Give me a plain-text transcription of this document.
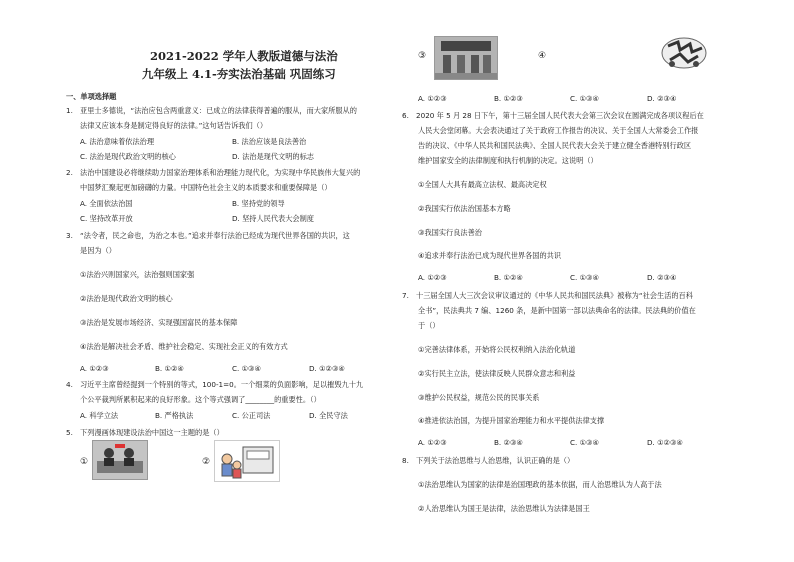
2021-2022 学年人教版道德与法治
九年级上 4.1-夯实法治基础 巩固练习
一、单项选择题
1.　亚里士多德说，“法治应包含两重意义：已成立的法律获得普遍的服从，而大家所服从的
法律又应该本身是制定得良好的法律。”这句话告诉我们（）
A. 法治意味着依法治理	B. 法治应该是良法善治
C. 法治是现代政治文明的核心	D. 法治是现代文明的标志
2.　法治中国建设必将继续助力国家治理体系和治理能力现代化，为实现中华民族伟大复兴的
中国梦汇聚起更加磅礴的力量。中国特色社会主义的本质要求和重要保障是（）
A. 全面依法治国	B. 坚持党的领导
C. 坚持改革开放	D. 坚持人民代表大会制度
3.　“法令者，民之命也，为治之本也。”追求并奉行法治已经成为现代世界各国的共识，这
是因为（）
①法治兴则国家兴，法治强则国家强
②法治是现代政治文明的核心
③法治是发展市场经济、实现强国富民的基本保障
④法治是解决社会矛盾、维护社会稳定、实现社会正义的有效方式
A. ①②③	B. ①②④	C. ①③④	D. ①②③④
4.　习近平主席曾经提到一个特别的等式，100-1=0。一个细菜的负面影响，足以摧毁九十九
个公平裁判所累积起来的良好形象。这个等式强调了________的重要性。（）
A. 科学立法	B. 严格执法	C. 公正司法	D. 全民守法
5.　下列漫画体现建设法治中国这一主题的是（）
①	②
③	④
A. ①②③	B. ①②③	C. ①③④	D. ②③④
6.　2020 年 5 月 28 日下午，第十三届全国人民代表大会第三次会议在圆满完成各项议程后在
人民大会堂闭幕。大会表决通过了关于政府工作报告的决议、关于全国人大常委会工作报
告的决议、《中华人民共和国民法典》、全国人民代表大会关于建立健全香港特别行政区
维护国家安全的法律制度和执行机制的决定。这说明（）
①全国人大具有最高立法权、最高决定权
②我国实行依法治国基本方略
③我国实行良法善治
④追求并奉行法治已成为现代世界各国的共识
A. ①②③	B. ①②④	C. ①③④	D. ②③④
7.　十三届全国人大三次会议审议通过的《中华人民共和国民法典》被称为“社会生活的百科
全书”，民法典共 7 编、1260 条，是新中国第一部以法典命名的法律。民法典的价值在
于（）
①完善法律体系，开始将公民权利纳入法治化轨道
②实行民主立法，使法律反映人民群众意志和利益
③维护公民权益，规范公民的民事关系
④推进依法治国，为提升国家治理能力和水平提供法律支撑
A. ①②③	B. ②③④	C. ①③④	D. ①②③④
8.　下列关于法治思维与人治思维，认识正确的是（）
①法治思维认为国家的法律是治国理政的基本依据，而人治思维认为人高于法
②人治思维认为国王是法律，法治思维认为法律是国王
